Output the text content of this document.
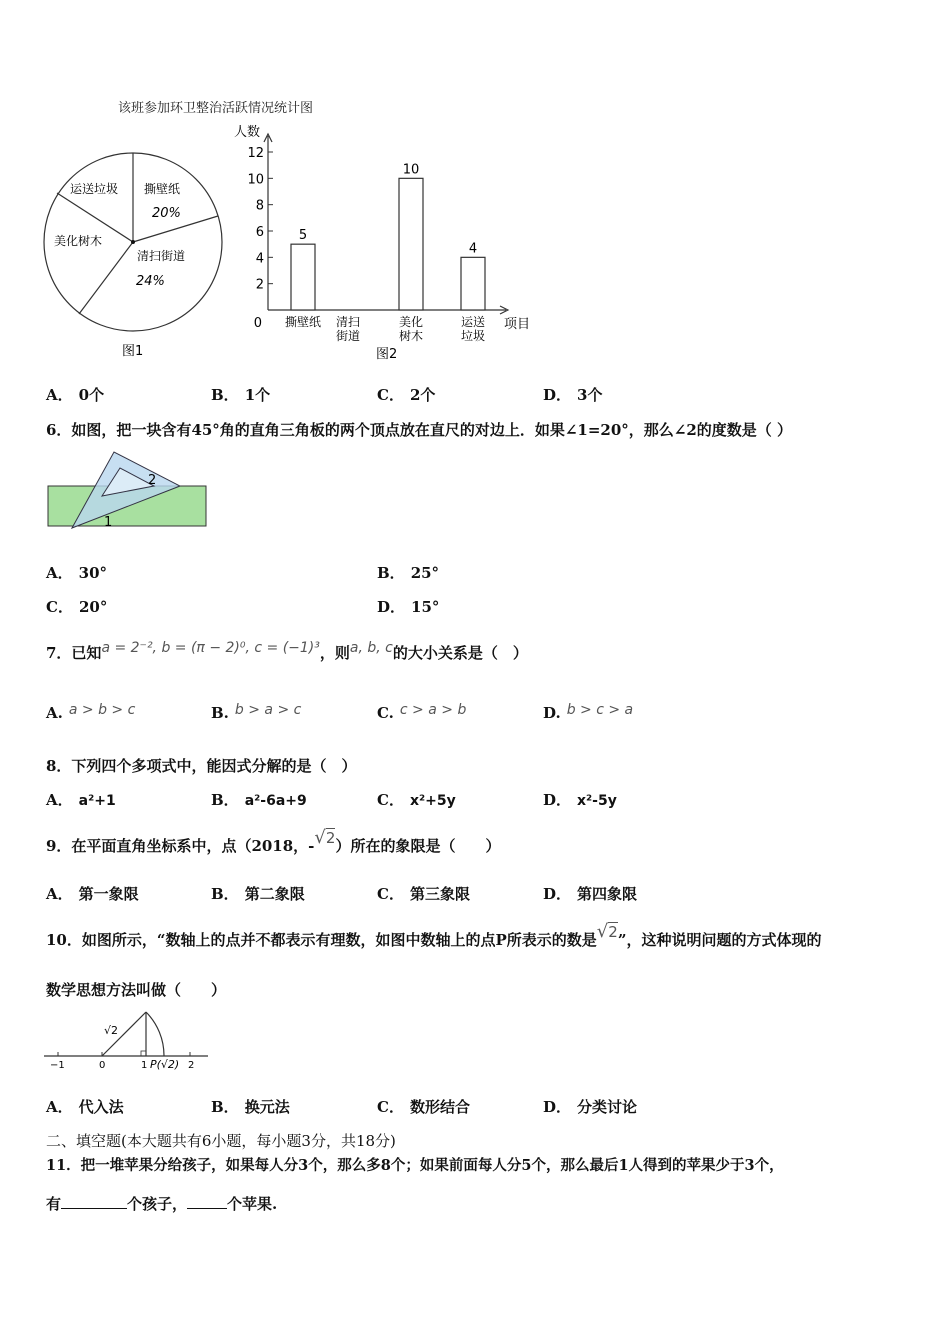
该班参加环卫整治活跃情况统计图
运送垃圾 撕壁纸
20%
美化树木
清扫街道
24%
图1
人数
项目
图2
0
2
4
6
8
10
12
5
撕壁纸 清扫
街道
10
美化
树木
4
运送
垃圾
A． 0个	B． 1个	C． 2个	D． 3个
6．如图，把一块含有45°角的直角三角板的两个顶点放在直尺的对边上．如果∠1=20°，那么∠2的度数是（ ）
2
1
A． 30°	B． 25°
C． 20°	D． 15°
7．已知a = 2⁻², b = (π − 2)⁰, c = (−1)³，则a, b, c的大小关系是（　）
A. a > b > c	B. b > a > c	C. c > a > b	D. b > c > a
8．下列四个多项式中，能因式分解的是（　）
A． a²+1	B． a²-6a+9	C． x²+5y	D． x²-5y
9．在平面直角坐标系中，点（2018，-√2）所在的象限是（　　）
A． 第一象限	B． 第二象限	C． 第三象限	D． 第四象限
10．如图所示，“数轴上的点并不都表示有理数，如图中数轴上的点P所表示的数是√2”，这种说明问题的方式体现的
数学思想方法叫做（　　）
√2
−1	0	1 P(√2) 2
A． 代入法	B． 换元法	C． 数形结合	D． 分类讨论
二、填空题(本大题共有6小题，每小题3分，共18分)
11．把一堆苹果分给孩子，如果每人分3个，那么多8个；如果前面每人分5个，那么最后1人得到的苹果少于3个，
有	个孩子，	个苹果.
